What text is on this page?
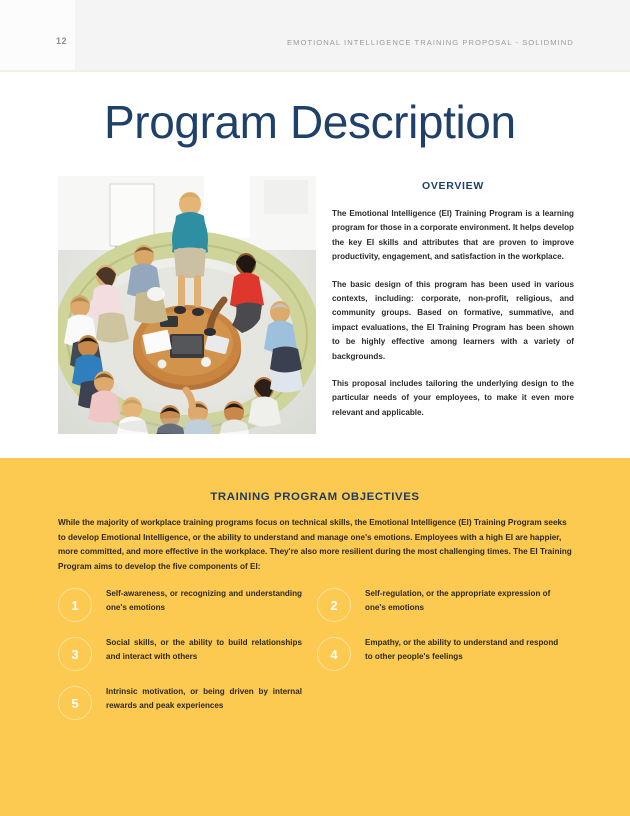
12	EMOTIONAL INTELLIGENCE TRAINING PROPOSAL - SOLIDMIND
Program Description
OVERVIEW

The Emotional Intelligence (EI) Training Program is a learning program for those in a corporate environment. It helps develop the key EI skills and attributes that are proven to improve productivity, engagement, and satisfaction in the workplace.

The basic design of this program has been used in various contexts, including: corporate, non-profit, religious, and community groups. Based on formative, summative, and impact evaluations, the EI Training Program has been shown to be highly effective among learners with a variety of backgrounds.

This proposal includes tailoring the underlying design to the particular needs of your employees, to make it even more relevant and applicable.

TRAINING PROGRAM OBJECTIVES
While the majority of workplace training programs focus on technical skills, the Emotional Intelligence (EI) Training Program seeks to develop Emotional Intelligence, or the ability to understand and manage one's emotions. Employees with a high EI are happier, more committed, and more effective in the workplace. They're also more resilient during the most challenging times. The EI Training Program aims to develop the five components of EI:
1
Self-awareness, or recognizing and understanding one's emotions	2
Self-regulation, or the appropriate expression of one's emotions
3
Social skills, or the ability to build relationships and interact with others	4
Empathy, or the ability to understand and respond to other people's feelings
5
Intrinsic motivation, or being driven by internal rewards and peak experiences
